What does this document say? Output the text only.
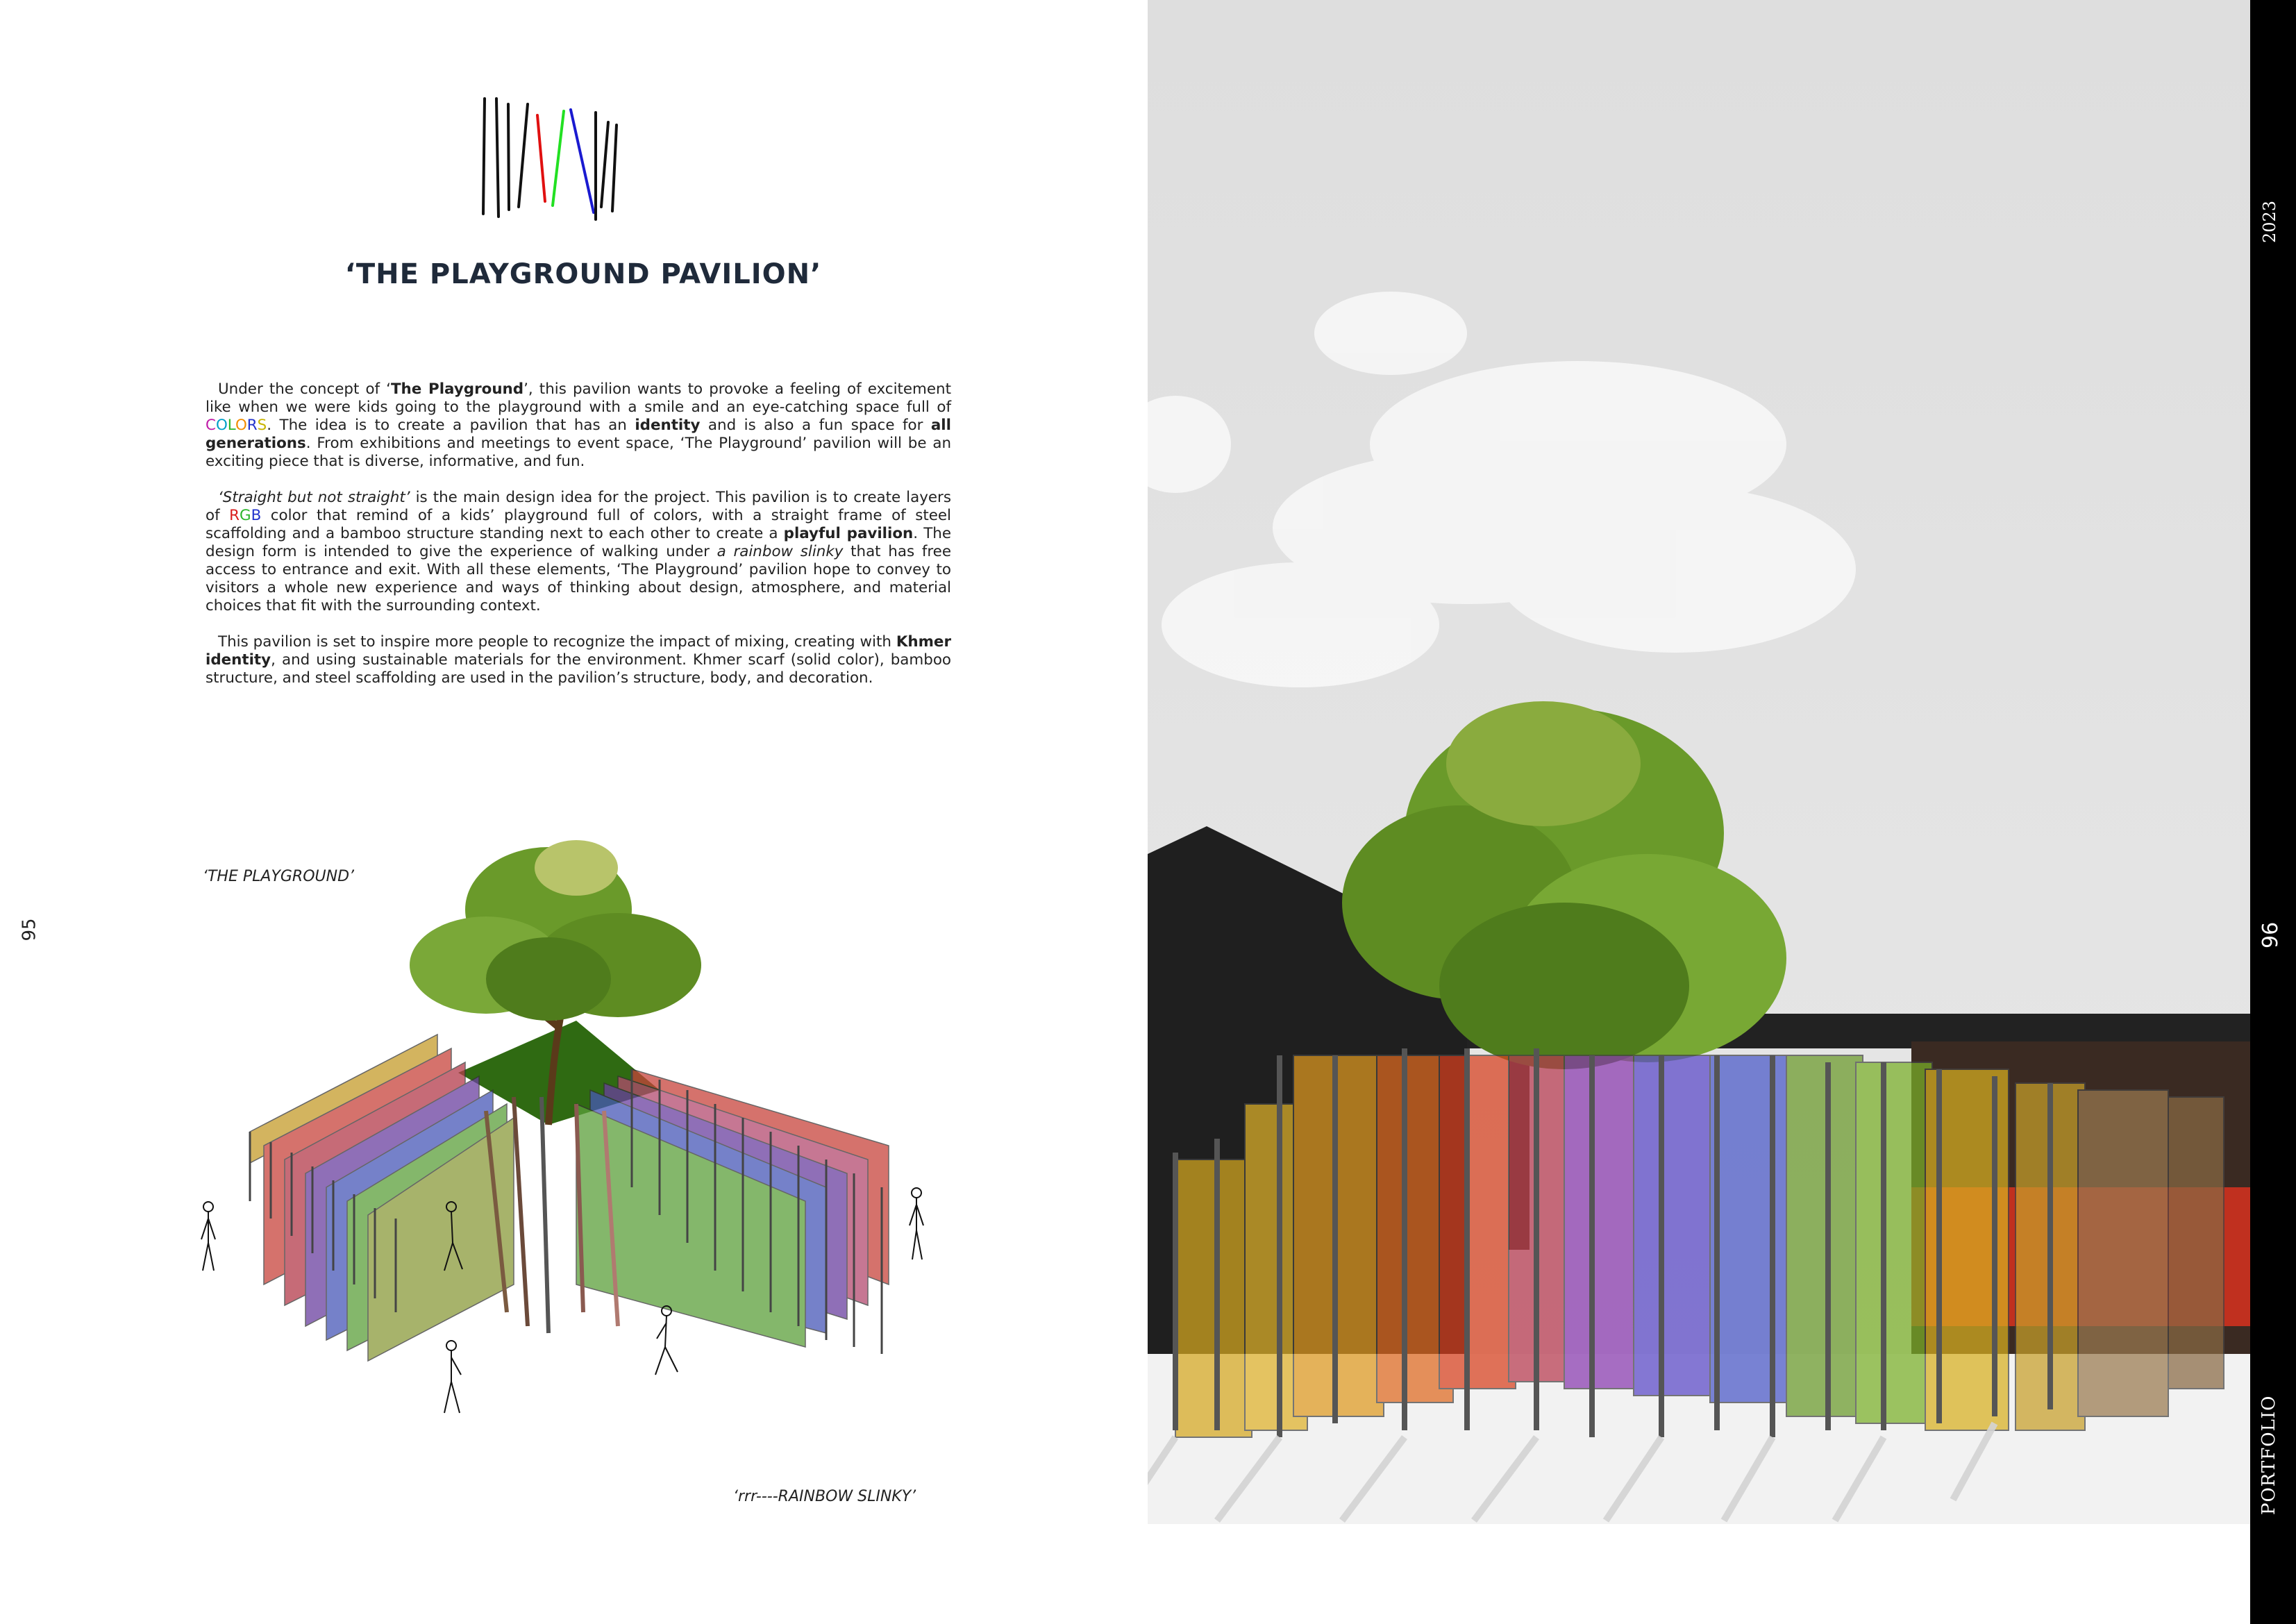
‘THE PLAYGROUND PAVILION’

Under the concept of ‘The Playground’, this pavilion wants to provoke a feeling of excitement like when we were kids going to the playground with a smile and an eye-catching space full of COLORS. The idea is to create a pavilion that has an identity and is also a fun space for all generations. From exhibitions and meetings to event space, ‘The Playground’ pavilion will be an exciting piece that is diverse, informative, and fun.

‘Straight but not straight’ is the main design idea for the project. This pavilion is to create layers of RGB color that remind of a kids’ playground full of colors, with a straight frame of steel scaffolding and a bamboo structure standing next to each other to create a playful pavilion. The design form is intended to give the experience of walking under a rainbow slinky that has free access to entrance and exit. With all these elements, ‘The Playground’ pavilion hope to convey to visitors a whole new experience and ways of thinking about design, atmosphere, and material choices that fit with the surrounding context.

This pavilion is set to inspire more people to recognize the impact of mixing, creating with Khmer identity, and using sustainable materials for the environment. Khmer scarf (solid color), bamboo structure, and steel scaffolding are used in the pavilion’s structure, body, and decoration.

‘THE PLAYGROUND’
‘rrr----RAINBOW SLINKY’
95
2023
96
PORTFOLIO
